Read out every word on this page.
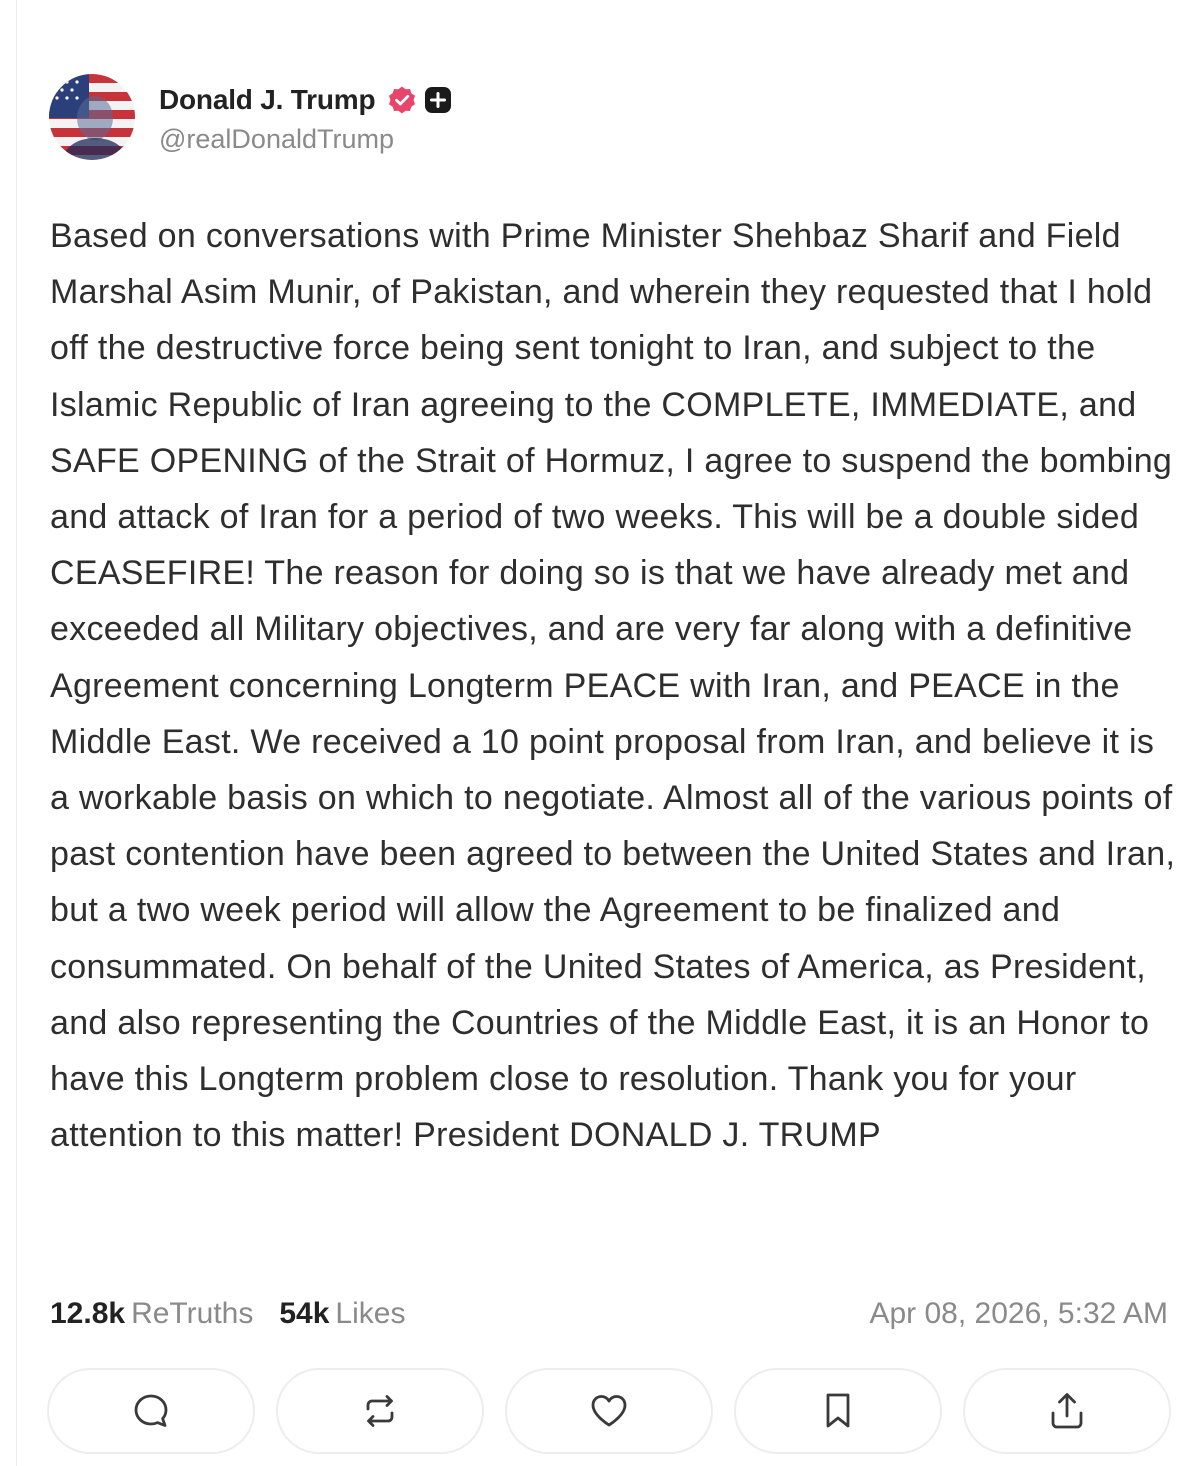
Donald J. Trump
@realDonaldTrump
Based on conversations with Prime Minister Shehbaz Sharif and Field Marshal Asim Munir, of Pakistan, and wherein they requested that I hold off the destructive force being sent tonight to Iran, and subject to the Islamic Republic of Iran agreeing to the COMPLETE, IMMEDIATE, and SAFE OPENING of the Strait of Hormuz, I agree to suspend the bombing and attack of Iran for a period of two weeks. This will be a double sided CEASEFIRE! The reason for doing so is that we have already met and exceeded all Military objectives, and are very far along with a definitive Agreement concerning Longterm PEACE with Iran, and PEACE in the Middle East. We received a 10 point proposal from Iran, and believe it is a workable basis on which to negotiate. Almost all of the various points of past contention have been agreed to between the United States and Iran, but a two week period will allow the Agreement to be finalized and consummated. On behalf of the United States of America, as President, and also representing the Countries of the Middle East, it is an Honor to have this Longterm problem close to resolution. Thank you for your attention to this matter! President DONALD J. TRUMP
12.8k ReTruths 54k Likes	Apr 08, 2026, 5:32 AM
